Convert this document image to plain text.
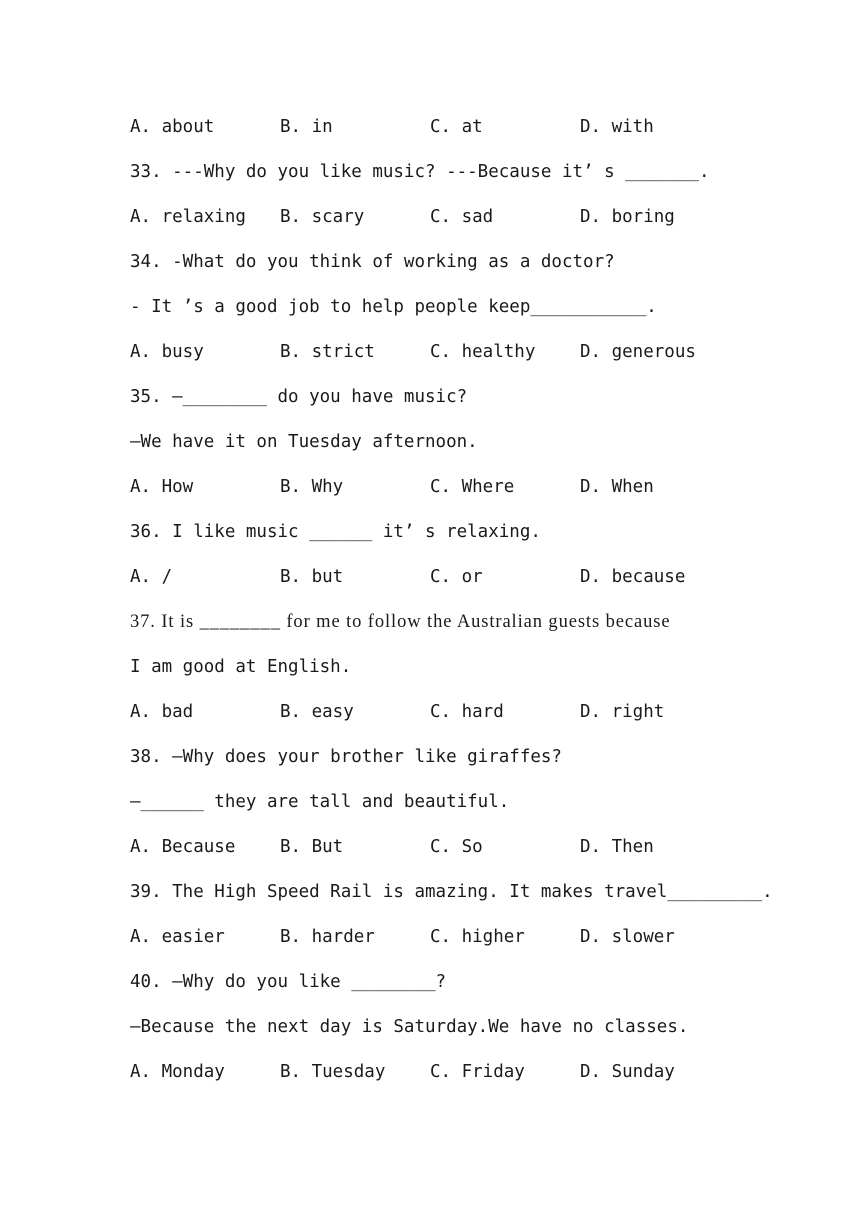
A. about	B. in	C. at	D. with
33. ---Why do you like music? ---Because it’ s _______.
A. relaxing	B. scary	C. sad	D. boring
34. -What do you think of working as a doctor?
- It ’s a good job to help people keep___________.
A. busy	B. strict	C. healthy	D. generous
35. —________ do you have music?
—We have it on Tuesday afternoon.
A. How	B. Why	C. Where	D. When
36. I like music ______ it’ s relaxing.
A. /	B. but	C. or	D. because
37. It is ________ for me to follow the Australian guests because
I am good at English.
A. bad	B. easy	C. hard	D. right
38. —Why does your brother like giraffes?
—______ they are tall and beautiful.
A. Because	B. But	C. So	D. Then
39. The High Speed Rail is amazing. It makes travel_________.
A. easier	B. harder	C. higher	D. slower
40. —Why do you like ________?
—Because the next day is Saturday.We have no classes.
A. Monday	B. Tuesday	C. Friday	D. Sunday
